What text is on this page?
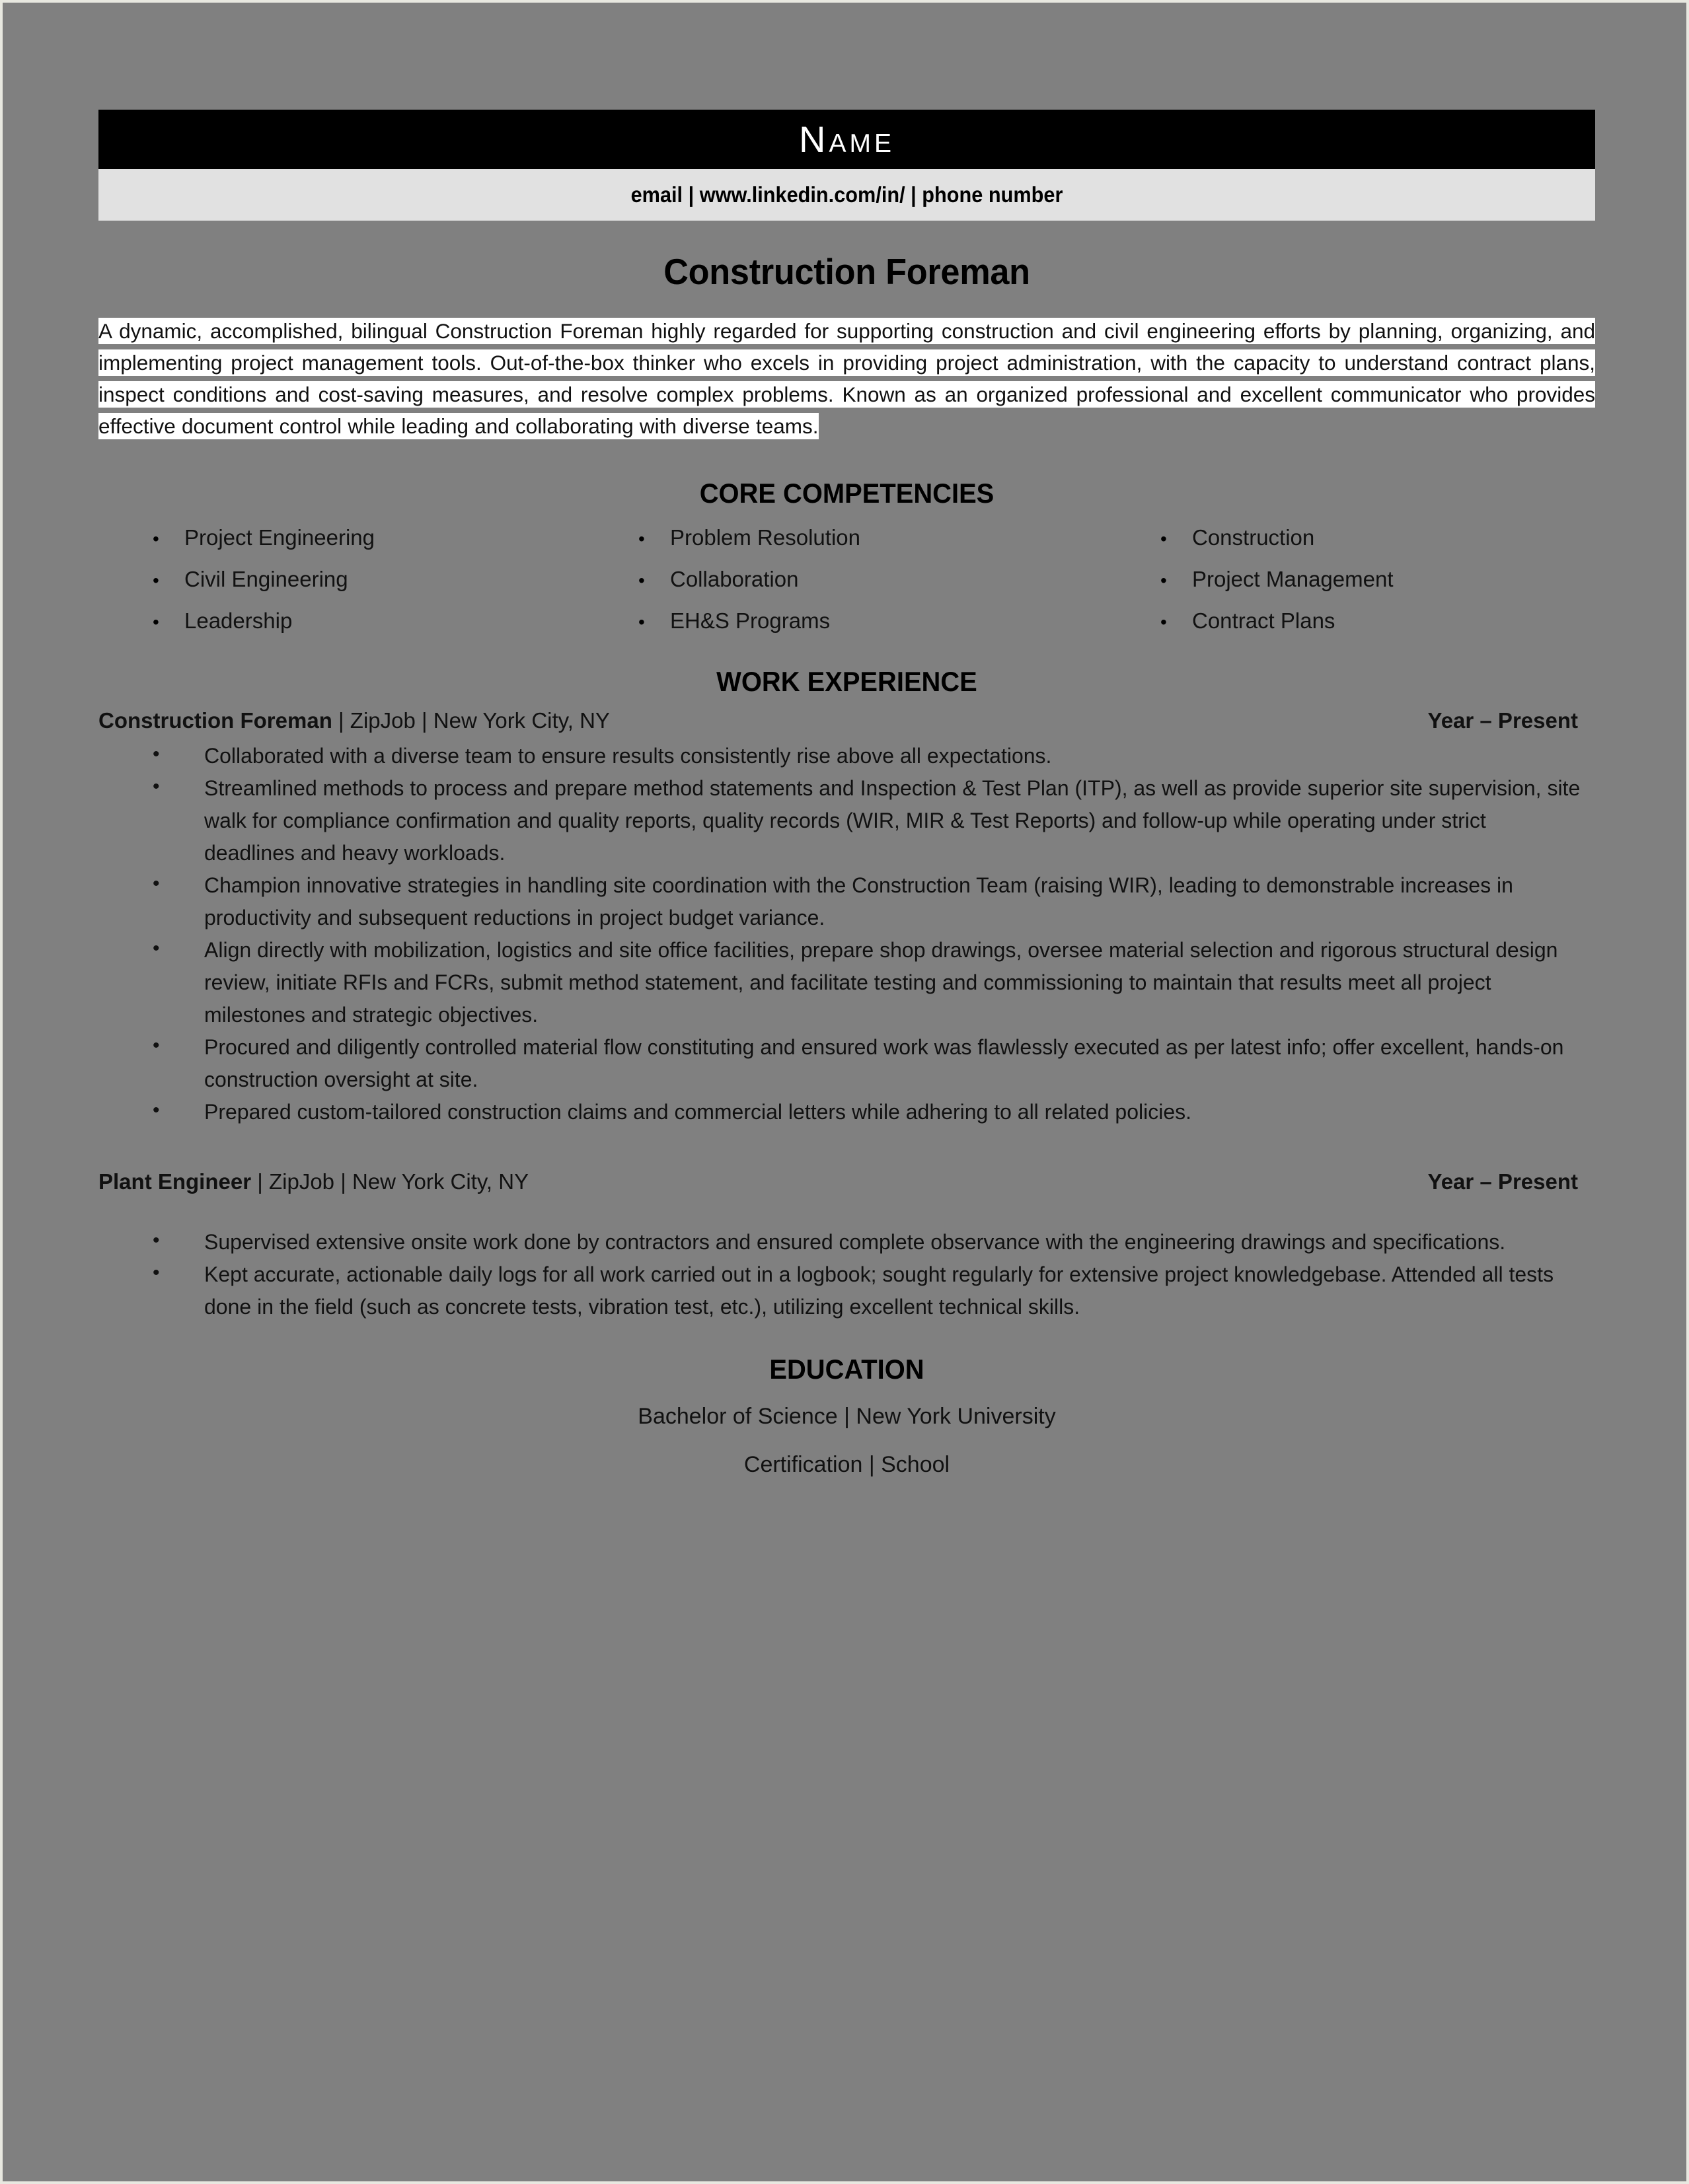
Name
email | www.linkedin.com/in/ | phone number
Construction Foreman
A dynamic, accomplished, bilingual Construction Foreman highly regarded for supporting construction and civil engineering efforts by planning, organizing, and implementing project management tools. Out-of-the-box thinker who excels in providing project administration, with the capacity to understand contract plans, inspect conditions and cost-saving measures, and resolve complex problems. Known as an organized professional and excellent communicator who provides effective document control while leading and collaborating with diverse teams.
CORE COMPETENCIES
•	Project Engineering	•	Problem Resolution	•	Construction
•	Civil Engineering	•	Collaboration	•	Project Management
•	Leadership	•	EH&S Programs	•	Contract Plans
WORK EXPERIENCE
Construction Foreman | ZipJob | New York City, NY	Year – Present
• Collaborated with a diverse team to ensure results consistently rise above all expectations.
• Streamlined methods to process and prepare method statements and Inspection & Test Plan (ITP), as well as provide superior site supervision, site walk for compliance confirmation and quality reports, quality records (WIR, MIR & Test Reports) and follow-up while operating under strict deadlines and heavy workloads.
• Champion innovative strategies in handling site coordination with the Construction Team (raising WIR), leading to demonstrable increases in productivity and subsequent reductions in project budget variance.
• Align directly with mobilization, logistics and site office facilities, prepare shop drawings, oversee material selection and rigorous structural design review, initiate RFIs and FCRs, submit method statement, and facilitate testing and commissioning to maintain that results meet all project milestones and strategic objectives.
• Procured and diligently controlled material flow constituting and ensured work was flawlessly executed as per latest info; offer excellent, hands-on construction oversight at site.
• Prepared custom-tailored construction claims and commercial letters while adhering to all related policies.
Plant Engineer | ZipJob | New York City, NY	Year – Present
• Supervised extensive onsite work done by contractors and ensured complete observance with the engineering drawings and specifications.
• Kept accurate, actionable daily logs for all work carried out in a logbook; sought regularly for extensive project knowledgebase. Attended all tests done in the field (such as concrete tests, vibration test, etc.), utilizing excellent technical skills.
EDUCATION
Bachelor of Science | New York University
Certification | School
